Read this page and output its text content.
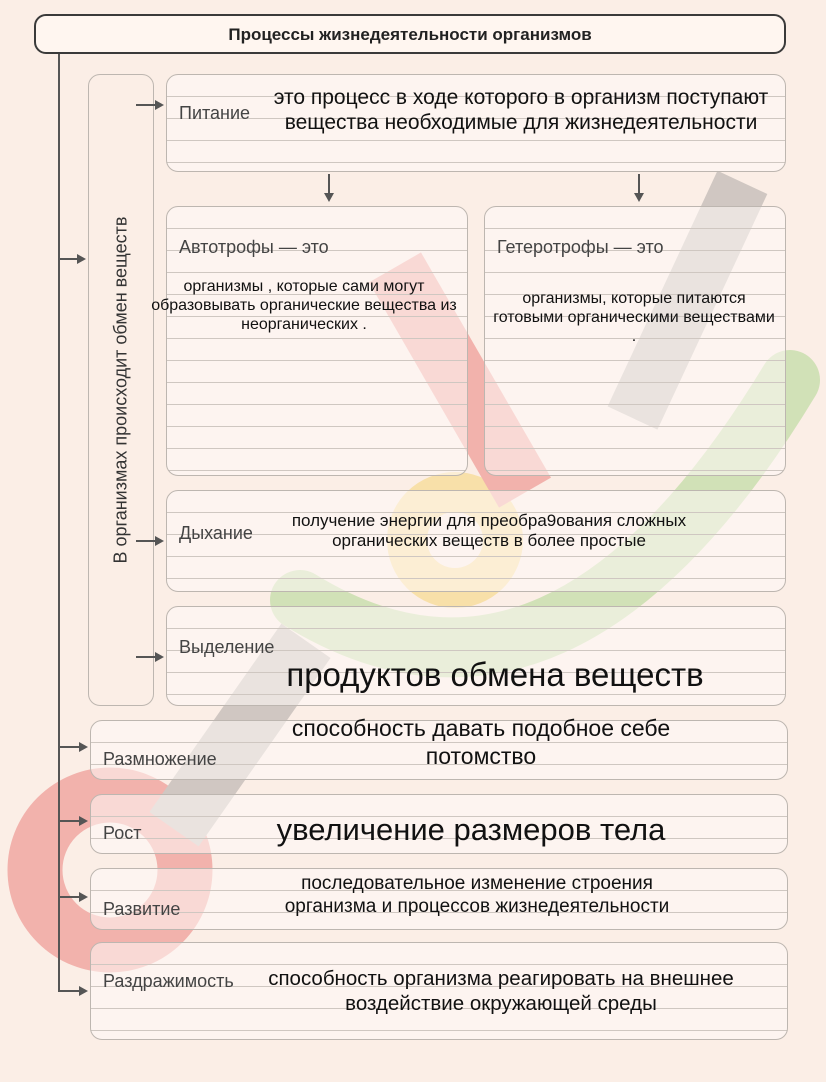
Процессы жизнедеятельности организмов
В организмах происходит обмен веществ
Питание
это процесс в ходе которого в организм поступают вещества необходимые для жизнедеятельности
Автотрофы — это
организмы , которые сами могут образовывать органические вещества из неорганических .
Гетеротрофы — это
организмы, которые питаются готовыми органическими веществами .
Дыхание
получение энергии для преобра9ования сложных органических веществ в более простые
Выделение
продуктов обмена веществ
Размножение
способность давать подобное себе потомство
Рост	увеличение размеров тела
Развитие
последовательное изменение строения организма и процессов жизнедеятельности
Раздражимость	способность организма реагировать на внешнее воздействие окружающей среды
